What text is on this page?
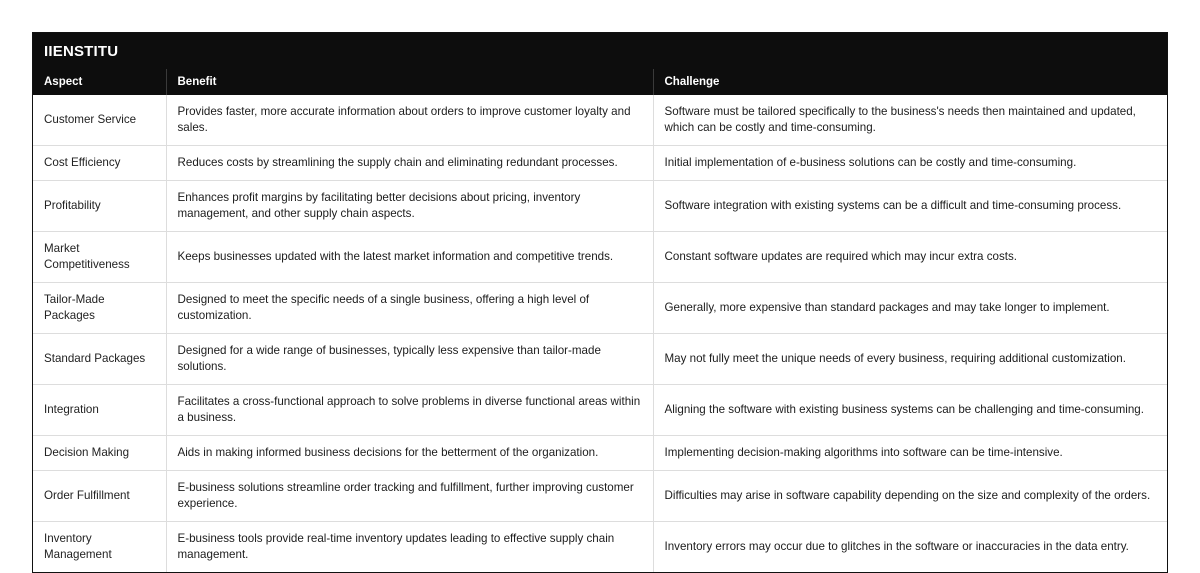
IIENSTITU
Aspect	Benefit	Challenge
Customer Service	Provides faster, more accurate information about orders to improve customer loyalty and sales.	Software must be tailored specifically to the business's needs then maintained and updated, which can be costly and time-consuming.
Cost Efficiency	Reduces costs by streamlining the supply chain and eliminating redundant processes.	Initial implementation of e-business solutions can be costly and time-consuming.
Profitability	Enhances profit margins by facilitating better decisions about pricing, inventory management, and other supply chain aspects.	Software integration with existing systems can be a difficult and time-consuming process.
Market Competitiveness	Keeps businesses updated with the latest market information and competitive trends.	Constant software updates are required which may incur extra costs.
Tailor-Made Packages	Designed to meet the specific needs of a single business, offering a high level of customization.	Generally, more expensive than standard packages and may take longer to implement.
Standard Packages	Designed for a wide range of businesses, typically less expensive than tailor-made solutions.	May not fully meet the unique needs of every business, requiring additional customization.
Integration	Facilitates a cross-functional approach to solve problems in diverse functional areas within a business.	Aligning the software with existing business systems can be challenging and time-consuming.
Decision Making	Aids in making informed business decisions for the betterment of the organization.	Implementing decision-making algorithms into software can be time-intensive.
Order Fulfillment	E-business solutions streamline order tracking and fulfillment, further improving customer experience.	Difficulties may arise in software capability depending on the size and complexity of the orders.
Inventory Management	E-business tools provide real-time inventory updates leading to effective supply chain management.	Inventory errors may occur due to glitches in the software or inaccuracies in the data entry.
